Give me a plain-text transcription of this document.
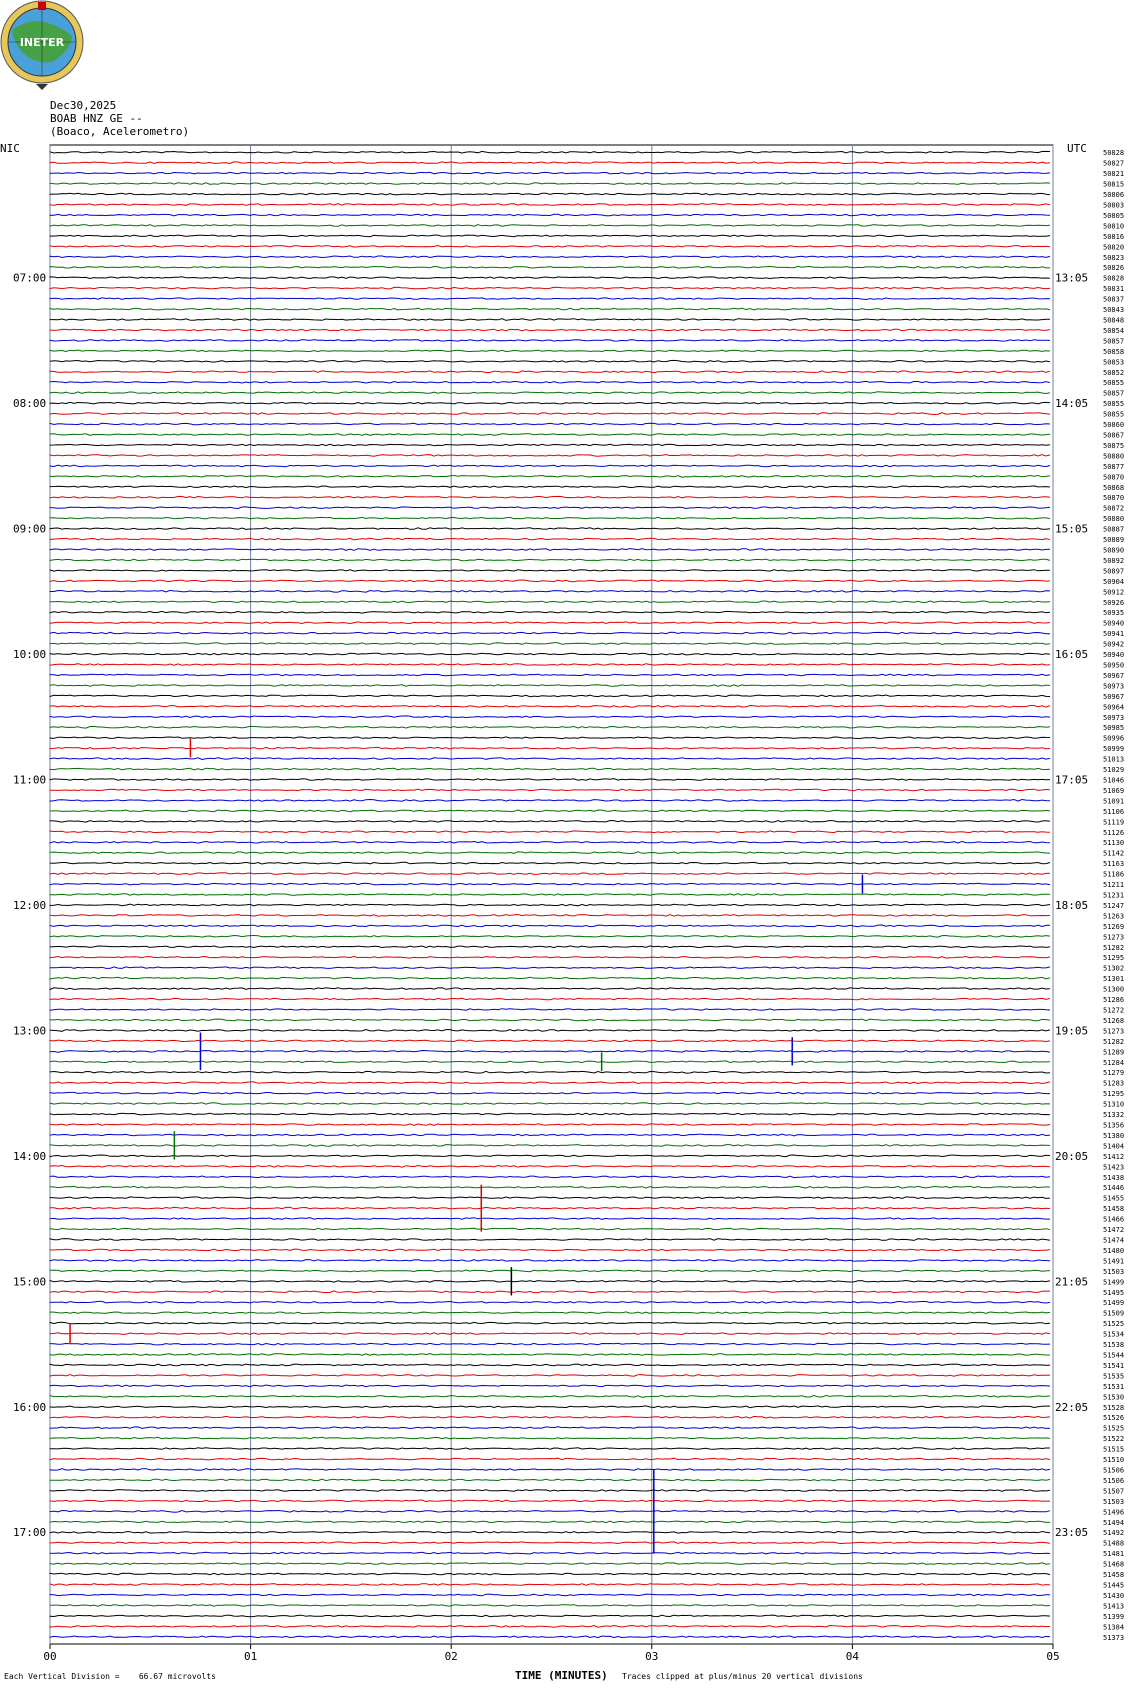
INETER
Dec30,2025
BOAB HNZ GE --
(Boaco, Acelerometro)
00	01	02	03	04	05
50828
50827
50821
50815
50806
50803
50805
50810
50816
50820
50823
50826
50828
50831
50837
50843
50848
50854
50857
50858
50853
50852
50855
50857
50855
50855
50860
50867
50875
50880
50877
50870
50868
50870
50872
50880
50887
50889
50890
50892
50897
50904
50912
50926
50935
50940
50941
50942
50940
50950
50967
50973
50967
50964
50973
50985
50996
50999
51013
51029
51046
51069
51091
51106
51119
51126
51130
51142
51163
51186
51211
51231
51247
51263
51269
51273
51282
51295
51302
51301
51300
51286
51272
51268
51273
51282
51289
51284
51279
51283
51295
51310
51332
51356
51380
51404
51412
51423
51438
51446
51455
51458
51466
51472
51474
51480
51491
51503
51499
51495
51499
51509
51525
51534
51538
51544
51541
51535
51531
51530
51528
51526
51525
51522
51515
51510
51506
51506
51507
51503
51496
51494
51492
51488
51481
51468
51458
51445
51430
51413
51399
51384
51373
NIC	UTC
07:00	13:05
08:00	14:05
09:00	15:05
10:00	16:05
11:00	17:05
12:00	18:05
13:00	19:05
14:00	20:05
15:00	21:05
16:00	22:05
17:00	23:05
Each Vertical Division = 66.67 microvolts	TIME (MINUTES) Traces clipped at plus/minus 20 vertical divisions
